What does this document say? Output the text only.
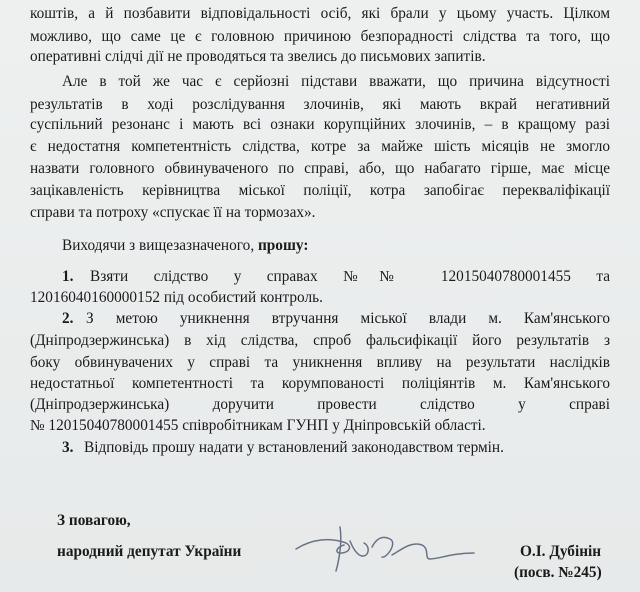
коштів, а й позбавити відповідальності осіб, які брали у цьому участь. Цілком
можливо, що саме це є головною причиною безпорадності слідства та того, що
оперативні слідчі дії не проводяться та звелись до письмових запитів.
Але в той же час є серйозні підстави вважати, що причина відсутності
результатів в ході розслідування злочинів, які мають вкрай негативний
суспільний резонанс і мають всі ознаки корупційних злочинів, – в кращому разі
є недостатня компетентність слідства, котре за майже шість місяців не змогло
назвати головного обвинуваченого по справі, або, що набагато гірше, має місце
зацікавленість керівництва міської поліції, котра запобігає перекваліфікації
справи та потроху «спускає її на тормозах».
Виходячи з вищезазначеного, прошу:
1.	Взяти слідство у справах №№ 12015040780001455 та
12016040160000152 під особистий контроль.
2. З метою уникнення втручання міської влади м. Кам'янського
(Дніпродзержинська) в хід слідства, спроб фальсифікації його результатів з
боку обвинувачених у справі та уникнення впливу на результати наслідків
недостатньої компетентності та корумпованості поліціянтів м. Кам'янського
(Дніпродзержинська) доручити провести слідство у справі
№ 12015040780001455 співробітникам ГУНП у Дніпровській області.
3. Відповідь прошу надати у встановлений законодавством термін.
З повагою,
народний депутат України	О.І. Дубінін
(посв. №245)
